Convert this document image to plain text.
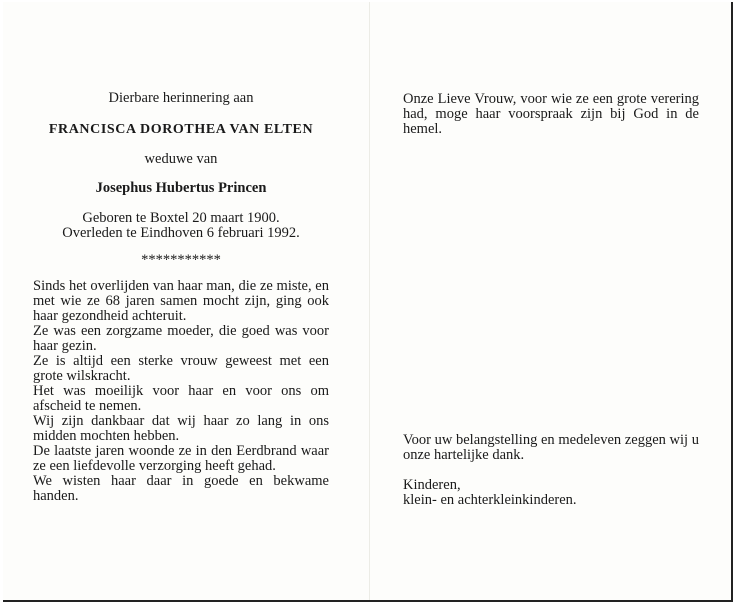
Dierbare herinnering aan
FRANCISCA DOROTHEA VAN ELTEN
weduwe van
Josephus Hubertus Princen
Geboren te Boxtel 20 maart 1900.
Overleden te Eindhoven 6 februari 1992.
***********

Sinds het overlijden van haar man, die ze miste, en met wie ze 68 jaren samen mocht zijn, ging ook haar gezondheid achteruit.

Ze was een zorgzame moeder, die goed was voor haar gezin.

Ze is altijd een sterke vrouw geweest met een grote wilskracht.

Het was moeilijk voor haar en voor ons om afscheid te nemen.

Wij zijn dankbaar dat wij haar zo lang in ons midden mochten hebben.

De laatste jaren woonde ze in den Eerdbrand waar ze een liefdevolle verzorging heeft gehad.

We wisten haar daar in goede en bekwame handen.

Onze Lieve Vrouw, voor wie ze een grote verering had, moge haar voorspraak zijn bij God in de hemel.

Voor uw belangstelling en medeleven zeggen wij u onze hartelijke dank.

Kinderen,
klein- en achterkleinkinderen.
